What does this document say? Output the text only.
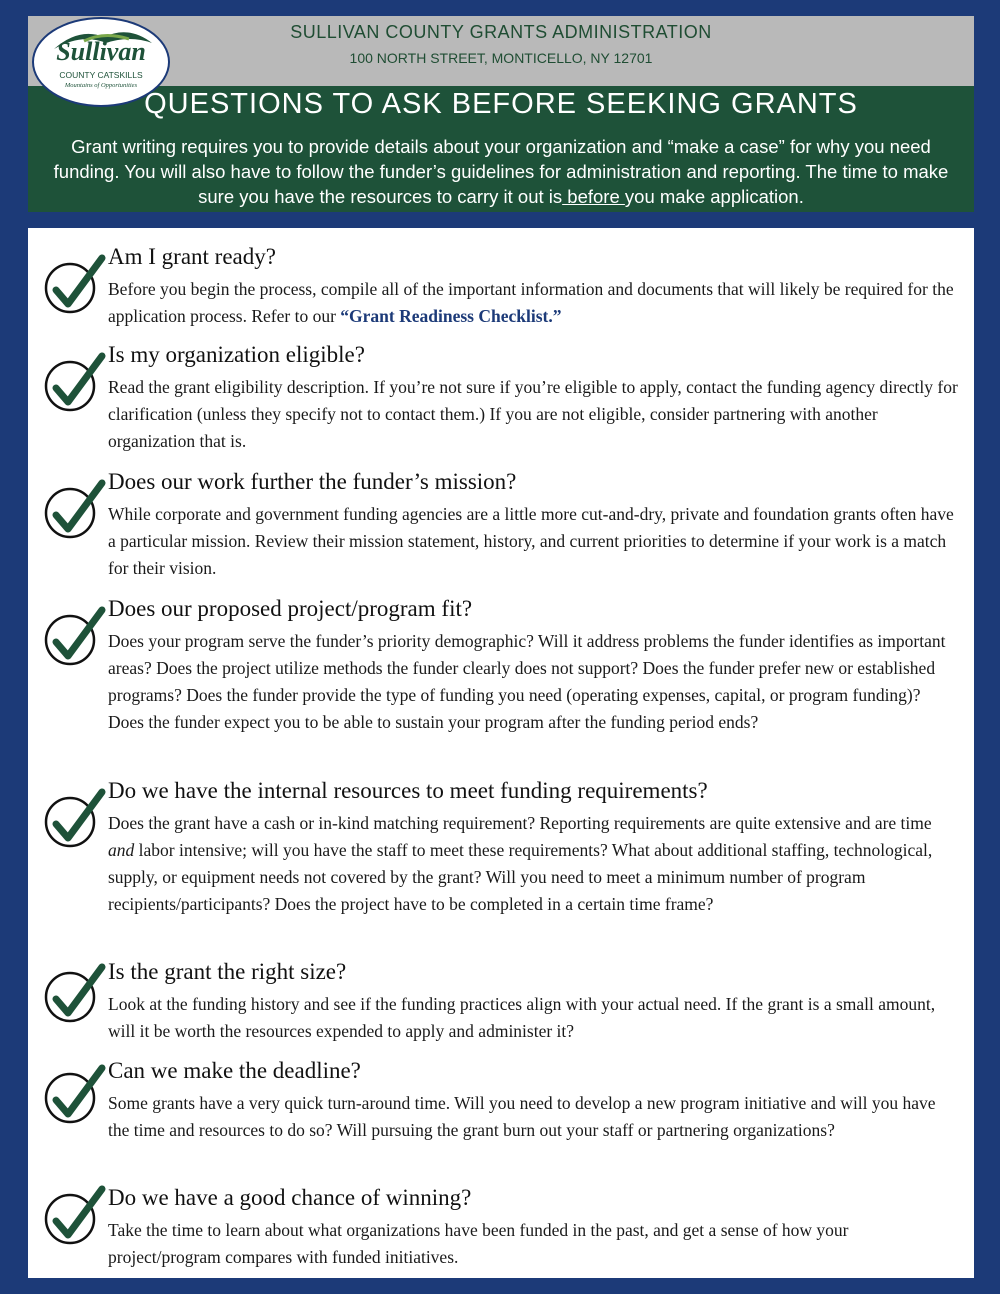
SULLIVAN COUNTY GRANTS ADMINISTRATION
100 NORTH STREET, MONTICELLO, NY 12701
QUESTIONS TO ASK BEFORE SEEKING GRANTS
Grant writing requires you to provide details about your organization and “make a case” for why you need funding. You will also have to follow the funder’s guidelines for administration and reporting. The time to make sure you have the resources to carry it out is before you make application.
Sullivan
COUNTY CATSKILLS
Mountains of Opportunities
Am I grant ready?
Before you begin the process, compile all of the important information and documents that will likely be required for the application process. Refer to our “Grant Readiness Checklist.”
Is my organization eligible?
Read the grant eligibility description. If you’re not sure if you’re eligible to apply, contact the funding agency directly for clarification (unless they specify not to contact them.) If you are not eligible, consider partnering with another organization that is.
Does our work further the funder’s mission?
While corporate and government funding agencies are a little more cut-and-dry, private and foundation grants often have a particular mission. Review their mission statement, history, and current priorities to determine if your work is a match for their vision.
Does our proposed project/program fit?
Does your program serve the funder’s priority demographic? Will it address problems the funder identifies as important areas? Does the project utilize methods the funder clearly does not support? Does the funder prefer new or established programs? Does the funder provide the type of funding you need (operating expenses, capital, or program funding)? Does the funder expect you to be able to sustain your program after the funding period ends?
Do we have the internal resources to meet funding requirements?
Does the grant have a cash or in-kind matching requirement? Reporting requirements are quite extensive and are time and labor intensive; will you have the staff to meet these requirements? What about additional staffing, technological, supply, or equipment needs not covered by the grant? Will you need to meet a minimum number of program recipients/participants? Does the project have to be completed in a certain time frame?
Is the grant the right size?
Look at the funding history and see if the funding practices align with your actual need. If the grant is a small amount, will it be worth the resources expended to apply and administer it?
Can we make the deadline?
Some grants have a very quick turn-around time. Will you need to develop a new program initiative and will you have the time and resources to do so? Will pursuing the grant burn out your staff or partnering organizations?
Do we have a good chance of winning?
Take the time to learn about what organizations have been funded in the past, and get a sense of how your project/program compares with funded initiatives.
